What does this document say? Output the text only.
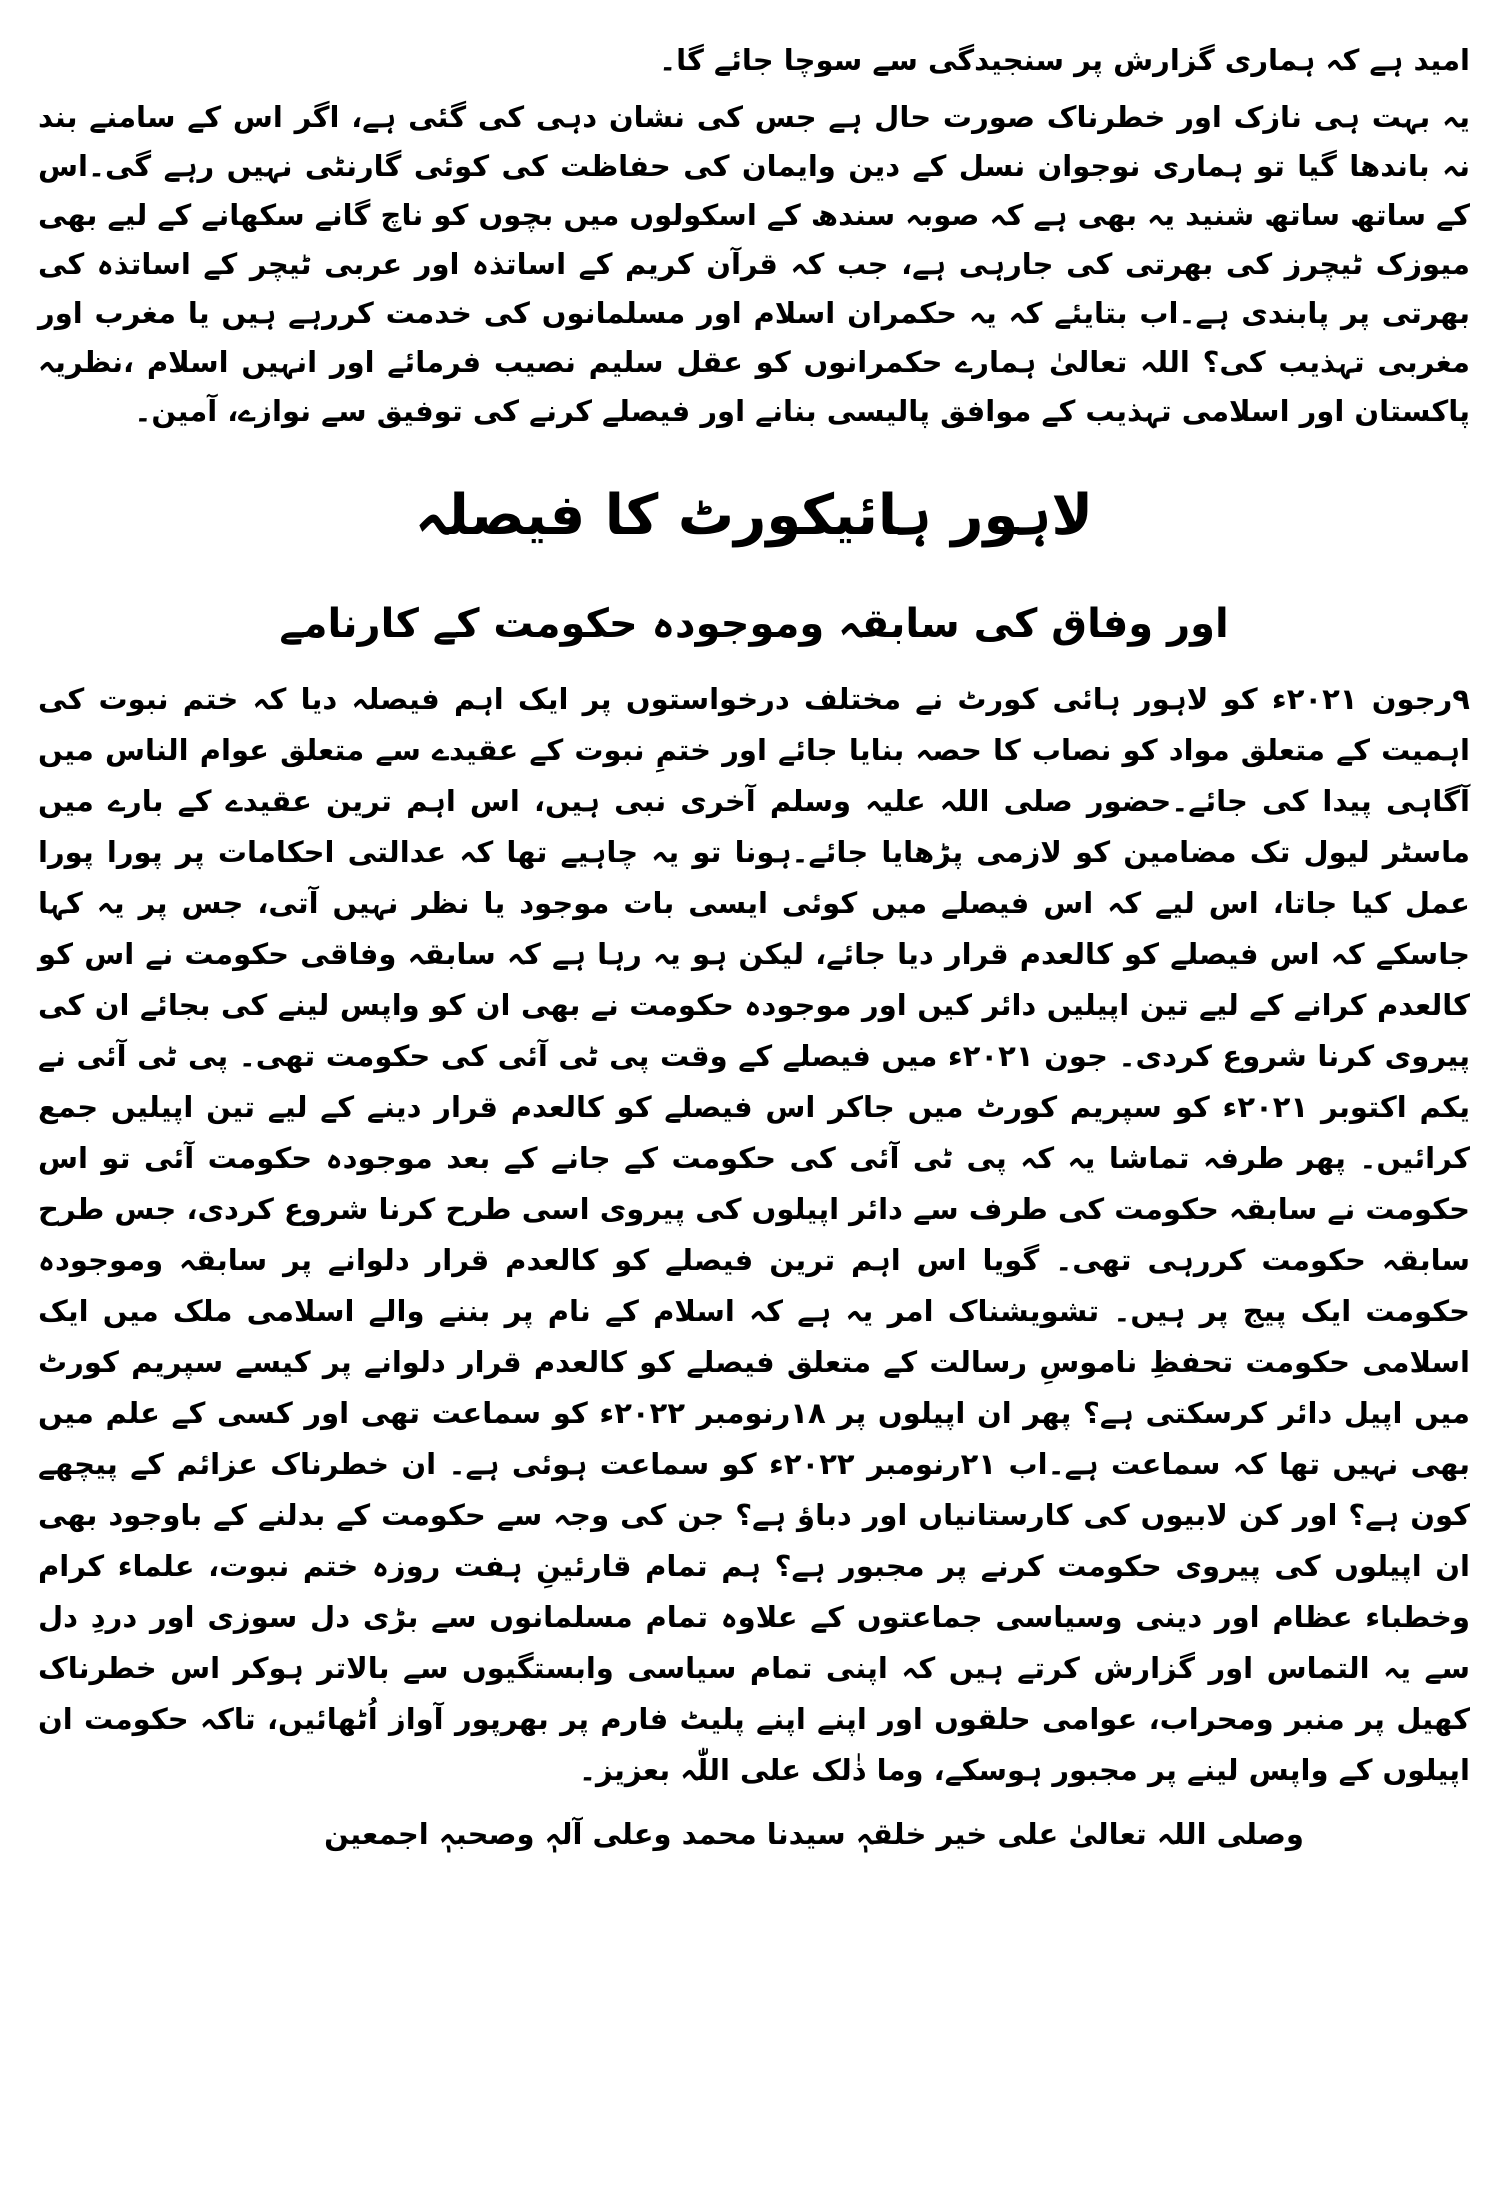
امید ہے کہ ہماری گزارش پر سنجیدگی سے سوچا جائے گا۔

یہ بہت ہی نازک اور خطرناک صورت حال ہے جس کی نشان دہی کی گئی ہے، اگر اس کے سامنے بند نہ باندھا گیا تو ہماری نوجوان نسل کے دین وایمان کی حفاظت کی کوئی گارنٹی نہیں رہے گی۔اس کے ساتھ ساتھ شنید یہ بھی ہے کہ صوبہ سندھ کے اسکولوں میں بچوں کو ناچ گانے سکھانے کے لیے بھی میوزک ٹیچرز کی بھرتی کی جارہی ہے، جب کہ قرآن کریم کے اساتذہ اور عربی ٹیچر کے اساتذہ کی بھرتی پر پابندی ہے۔اب بتایئے کہ یہ حکمران اسلام اور مسلمانوں کی خدمت کررہے ہیں یا مغرب اور مغربی تہذیب کی؟ اللہ تعالیٰ ہمارے حکمرانوں کو عقل سلیم نصیب فرمائے اور انہیں اسلام ،نظریہ پاکستان اور اسلامی تہذیب کے موافق پالیسی بنانے اور فیصلے کرنے کی توفیق سے نوازے، آمین۔

لاہور ہائیکورٹ کا فیصلہ
اور وفاق کی سابقہ وموجودہ حکومت کے کارنامے

۹رجون ۲۰۲۱ء کو لاہور ہائی کورٹ نے مختلف درخواستوں پر ایک اہم فیصلہ دیا کہ ختم نبوت کی اہمیت کے متعلق مواد کو نصاب کا حصہ بنایا جائے اور ختمِ نبوت کے عقیدے سے متعلق عوام الناس میں آگاہی پیدا کی جائے۔حضور صلی اللہ علیہ وسلم آخری نبی ہیں، اس اہم ترین عقیدے کے بارے میں ماسٹر لیول تک مضامین کو لازمی پڑھایا جائے۔ہونا تو یہ چاہیے تھا کہ عدالتی احکامات پر پورا پورا عمل کیا جاتا، اس لیے کہ اس فیصلے میں کوئی ایسی بات موجود یا نظر نہیں آتی، جس پر یہ کہا جاسکے کہ اس فیصلے کو کالعدم قرار دیا جائے، لیکن ہو یہ رہا ہے کہ سابقہ وفاقی حکومت نے اس کو کالعدم کرانے کے لیے تین اپیلیں دائر کیں اور موجودہ حکومت نے بھی ان کو واپس لینے کی بجائے ان کی پیروی کرنا شروع کردی۔ جون ۲۰۲۱ء میں فیصلے کے وقت پی ٹی آئی کی حکومت تھی۔ پی ٹی آئی نے یکم اکتوبر ۲۰۲۱ء کو سپریم کورٹ میں جاکر اس فیصلے کو کالعدم قرار دینے کے لیے تین اپیلیں جمع کرائیں۔ پھر طرفہ تماشا یہ کہ پی ٹی آئی کی حکومت کے جانے کے بعد موجودہ حکومت آئی تو اس حکومت نے سابقہ حکومت کی طرف سے دائر اپیلوں کی پیروی اسی طرح کرنا شروع کردی، جس طرح سابقہ حکومت کررہی تھی۔ گویا اس اہم ترین فیصلے کو کالعدم قرار دلوانے پر سابقہ وموجودہ حکومت ایک پیج پر ہیں۔ تشویشناک امر یہ ہے کہ اسلام کے نام پر بننے والے اسلامی ملک میں ایک اسلامی حکومت تحفظِ ناموسِ رسالت کے متعلق فیصلے کو کالعدم قرار دلوانے پر کیسے سپریم کورٹ میں اپیل دائر کرسکتی ہے؟ پھر ان اپیلوں پر ۱۸رنومبر ۲۰۲۲ء کو سماعت تھی اور کسی کے علم میں بھی نہیں تھا کہ سماعت ہے۔اب ۲۱رنومبر ۲۰۲۲ء کو سماعت ہوئی ہے۔ ان خطرناک عزائم کے پیچھے کون ہے؟ اور کن لابیوں کی کارستانیاں اور دباؤ ہے؟ جن کی وجہ سے حکومت کے بدلنے کے باوجود بھی ان اپیلوں کی پیروی حکومت کرنے پر مجبور ہے؟ ہم تمام قارئینِ ہفت روزہ ختم نبوت، علماء کرام وخطباء عظام اور دینی وسیاسی جماعتوں کے علاوہ تمام مسلمانوں سے بڑی دل سوزی اور دردِ دل سے یہ التماس اور گزارش کرتے ہیں کہ اپنی تمام سیاسی وابستگیوں سے بالاتر ہوکر اس خطرناک کھیل پر منبر ومحراب، عوامی حلقوں اور اپنے اپنے پلیٹ فارم پر بھرپور آواز اُٹھائیں، تاکہ حکومت ان اپیلوں کے واپس لینے پر مجبور ہوسکے، وما ذٰلک علی اللّٰہ بعزیز۔

وصلی اللہ تعالیٰ علی خیر خلقہٖ سیدنا محمد وعلی آلہٖ وصحبہٖ اجمعین
